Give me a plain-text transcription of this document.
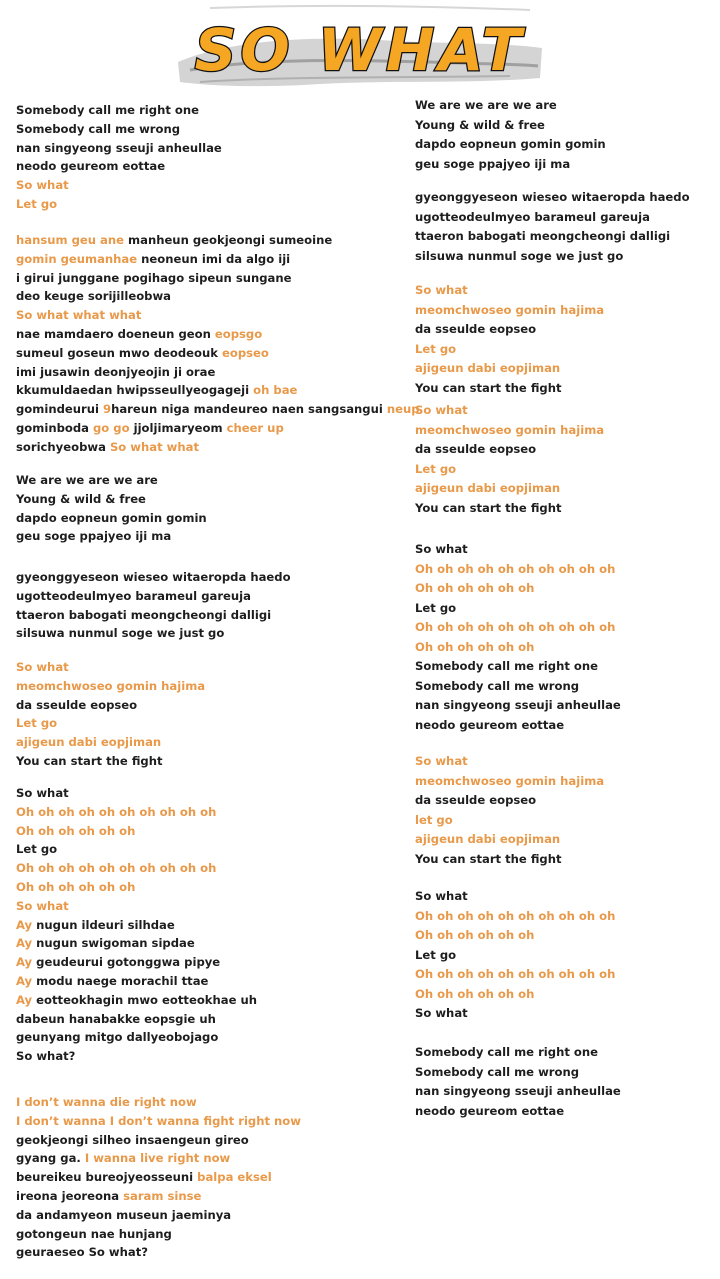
SO WHAT
Somebody call me right one
Somebody call me wrong
nan singyeong sseuji anheullae
neodo geureom eottae
So what
Let go
hansum geu ane manheun geokjeongi sumeoine
gomin geumanhae neoneun imi da algo iji
i girui junggane pogihago sipeun sungane
deo keuge sorijilleobwa
So what what what
nae mamdaero doeneun geon eopsgo
sumeul goseun mwo deodeouk eopseo
imi jusawin deonjyeojin ji orae
kkumuldaedan hwipsseullyeogageji oh bae
gomindeurui 9hareun niga mandeureo naen sangsangui neup
gominboda go go jjoljimaryeom cheer up
sorichyeobwa So what what
We are we are we are
Young & wild & free
dapdo eopneun gomin gomin
geu soge ppajyeo iji ma
gyeonggyeseon wieseo witaeropda haedo
ugotteodeulmyeo barameul gareuja
ttaeron babogati meongcheongi dalligi
silsuwa nunmul soge we just go
So what
meomchwoseo gomin hajima
da sseulde eopseo
Let go
ajigeun dabi eopjiman
You can start the fight
So what
Oh oh oh oh oh oh oh oh oh oh
Oh oh oh oh oh oh
Let go
Oh oh oh oh oh oh oh oh oh oh
Oh oh oh oh oh oh
So what
Ay nugun ildeuri silhdae
Ay nugun swigoman sipdae
Ay geudeurui gotonggwa pipye
Ay modu naege morachil ttae
Ay eotteokhagin mwo eotteokhae uh
dabeun hanabakke eopsgie uh
geunyang mitgo dallyeobojago
So what?
I don’t wanna die right now
I don’t wanna I don’t wanna fight right now
geokjeongi silheo insaengeun gireo
gyang ga. I wanna live right now
beureikeu bureojyeosseuni balpa eksel
ireona jeoreona saram sinse
da andamyeon museun jaeminya
gotongeun nae hunjang
geuraeseo So what?
We are we are we are
Young & wild & free
dapdo eopneun gomin gomin
geu soge ppajyeo iji ma
gyeonggyeseon wieseo witaeropda haedo
ugotteodeulmyeo barameul gareuja
ttaeron babogati meongcheongi dalligi
silsuwa nunmul soge we just go
So what
meomchwoseo gomin hajima
da sseulde eopseo
Let go
ajigeun dabi eopjiman
You can start the fight
So what
meomchwoseo gomin hajima
da sseulde eopseo
Let go
ajigeun dabi eopjiman
You can start the fight
So what
Oh oh oh oh oh oh oh oh oh oh
Oh oh oh oh oh oh
Let go
Oh oh oh oh oh oh oh oh oh oh
Oh oh oh oh oh oh
Somebody call me right one
Somebody call me wrong
nan singyeong sseuji anheullae
neodo geureom eottae
So what
meomchwoseo gomin hajima
da sseulde eopseo
let go
ajigeun dabi eopjiman
You can start the fight
So what
Oh oh oh oh oh oh oh oh oh oh
Oh oh oh oh oh oh
Let go
Oh oh oh oh oh oh oh oh oh oh
Oh oh oh oh oh oh
So what
Somebody call me right one
Somebody call me wrong
nan singyeong sseuji anheullae
neodo geureom eottae
